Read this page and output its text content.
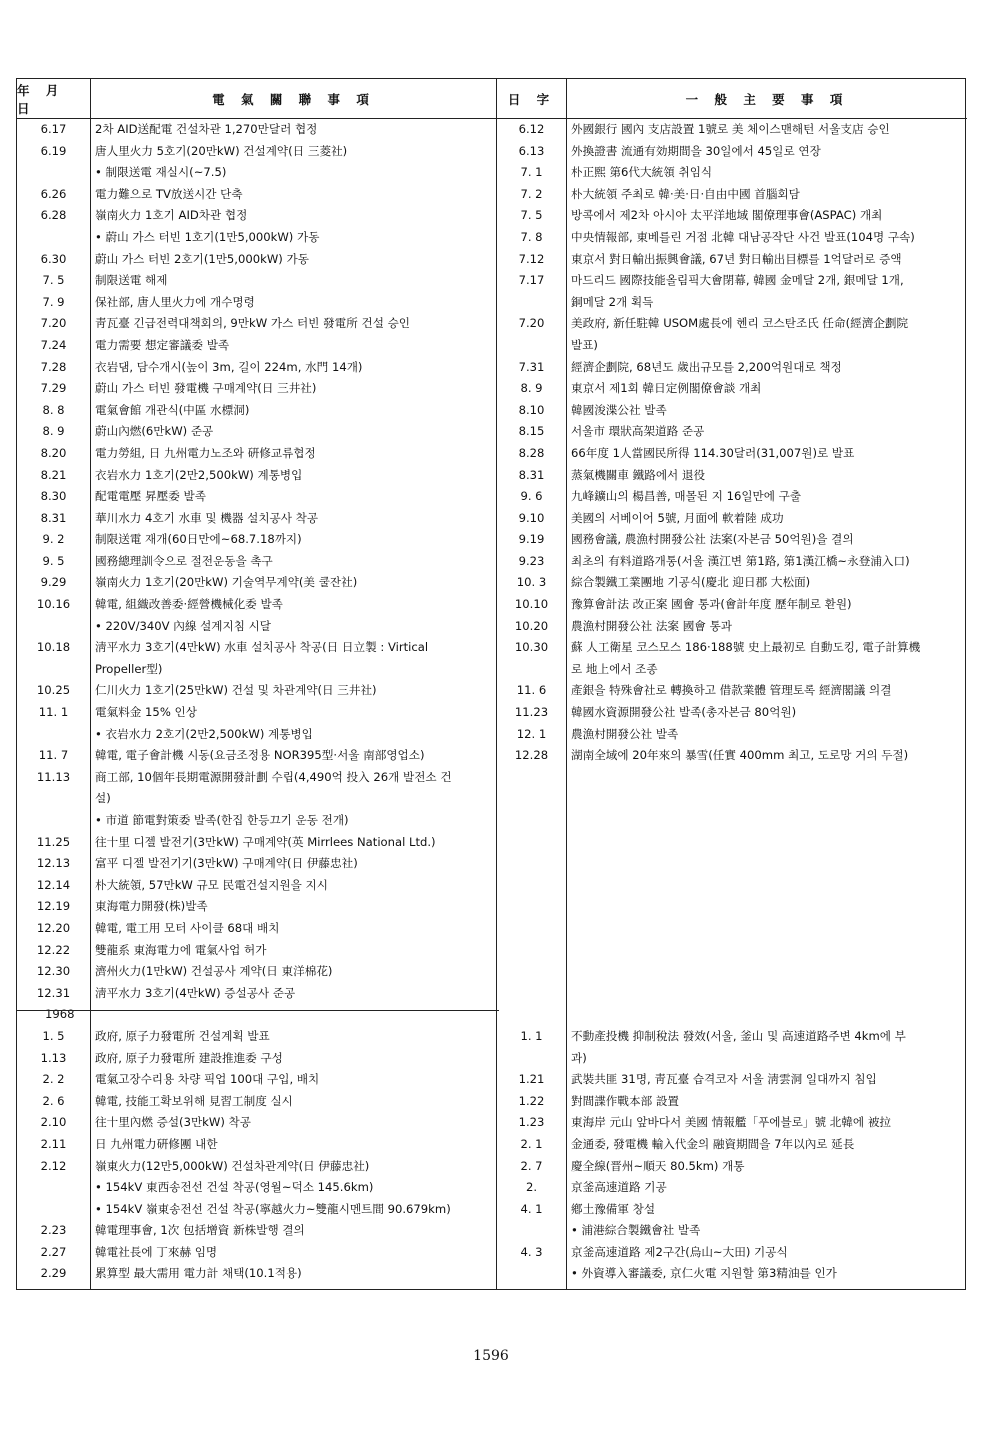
年 月 日
電 氣 關 聯 事 項	日 字	一 般 主 要 事 項
6.17
6.19
6.26
6.28
6.30
7. 5
7. 9
7.20
7.24
7.28
7.29
8. 8
8. 9
8.20
8.21
8.30
8.31
9. 2
9. 5
9.29
10.16
10.18
10.25
11. 1
11. 7
11.13
11.25
12.13
12.14
12.19
12.20
12.22
12.30
12.31
1968
1. 5
1.13
2. 2
2. 6
2.10
2.11
2.12
2.23
2.27
2.29
2차 AID送配電 건설차관 1,270만달러 협정
唐人里火力 5호기(20만kW) 건설계약(日 三菱社)
• 制限送電 재실시(~7.5)
電力難으로 TV放送시간 단축
嶺南火力 1호기 AID차관 협정
• 蔚山 가스 터빈 1호기(1만5,000kW) 가동
蔚山 가스 터빈 2호기(1만5,000kW) 가동
制限送電 해제
保社部, 唐人里火力에 개수명령
靑瓦臺 긴급전력대책회의, 9만kW 가스 터빈 發電所 건설 승인
電力需要 想定審議委 발족
衣岩댐, 담수개시(높이 3m, 길이 224m, 水門 14개)
蔚山 가스 터빈 發電機 구매계약(日 三井社)
電氣會館 개관식(中區 水標洞)
蔚山內燃(6만kW) 준공
電力勞組, 日 九州電力노조와 硏修교류협정
衣岩水力 1호기(2만2,500kW) 계통병입
配電電壓 昇壓委 발족
華川水力 4호기 水車 및 機器 설치공사 착공
制限送電 재개(60日만에~68.7.18까지)
國務總理訓令으로 절전운동을 촉구
嶺南火力 1호기(20만kW) 기술역무계약(美 쿨잔社)
韓電, 組織改善委·經營機械化委 발족
• 220V/340V 內線 설계지침 시달
淸平水力 3호기(4만kW) 水車 설치공사 착공(日 日立製 : Virtical
Propeller型)
仁川火力 1호기(25만kW) 건설 및 차관계약(日 三井社)
電氣料金 15% 인상
• 衣岩水力 2호기(2만2,500kW) 계통병입
韓電, 電子會計機 시동(요금조정용 NOR395型·서울 南部영업소)
商工部, 10個年長期電源開發計劃 수립(4,490억 投入 26개 발전소 건
설)
• 市道 節電對策委 발족(한집 한등끄기 운동 전개)
往十里 디젤 발전기(3만kW) 구매계약(英 Mirrlees National Ltd.)
富平 디젤 발전기기(3만kW) 구매계약(日 伊藤忠社)
朴大統領, 57만kW 규모 民電건설지원을 지시
東海電力開發(株)발족
韓電, 電工用 모터 사이클 68대 배치
雙龍系 東海電力에 電氣사업 허가
濟州火力(1만kW) 건설공사 계약(日 東洋棉花)
淸平水力 3호기(4만kW) 증설공사 준공
政府, 原子力發電所 건설계획 발표
政府, 原子力發電所 建設推進委 구성
電氣고장수리용 차량 픽업 100대 구입, 배치
韓電, 技能工확보위해 見習工制度 실시
往十里內燃 증설(3만kW) 착공
日 九州電力硏修團 내한
嶺東火力(12만5,000kW) 건설차관계약(日 伊藤忠社)
• 154kV 東西송전선 건설 착공(영월~덕소 145.6km)
• 154kV 嶺東송전선 건설 착공(寧越火力~雙龍시멘트間 90.679km)
韓電理事會, 1次 包括增資 新株발행 결의
韓電社長에 丁來赫 임명
累算型 最大需用 電力計 채택(10.1적용)
6.12
6.13
7. 1
7. 2
7. 5
7. 8
7.12
7.17
7.20
7.31
8. 9
8.10
8.15
8.28
8.31
9. 6
9.10
9.19
9.23
10. 3
10.10
10.20
10.30
11. 6
11.23
12. 1
12.28
1. 1
1.21
1.22
1.23
2. 1
2. 7
2.
4. 1
4. 3
外國銀行 國內 支店設置 1號로 美 체이스맨해턴 서울支店 승인
外換證書 流通有効期間을 30일에서 45일로 연장
朴正熙 第6代大統領 취임식
朴大統領 주최로 韓·美·日·自由中國 首腦회담
방콕에서 제2차 아시아 太平洋地域 閣僚理事會(ASPAC) 개최
中央情報部, 東베를린 거점 北韓 대남공작단 사건 발표(104명 구속)
東京서 對日輸出振興會議, 67년 對日輸出目標를 1억달러로 증액
마드리드 國際技能올림픽大會閉幕, 韓國 金메달 2개, 銀메달 1개,
銅메달 2개 획득
美政府, 新任駐韓 USOM處長에 헨리 코스탄조氏 任命(經濟企劃院
발표)
經濟企劃院, 68년도 歲出규모를 2,200억원대로 책정
東京서 제1회 韓日定例閣僚會談 개최
韓國浚渫公社 발족
서울市 環狀高架道路 준공
66年度 1人當國民所得 114.30달러(31,007원)로 발표
蒸氣機關車 鐵路에서 退役
九峰鑛山의 楊昌善, 매몰된 지 16일만에 구출
美國의 서베이어 5號, 月面에 軟着陸 成功
國務會議, 農漁村開發公社 法案(자본금 50억원)을 결의
최초의 有料道路개통(서울 漢江변 第1路, 第1漢江橋~永登浦入口)
綜合製鐵工業團地 기공식(慶北 迎日郡 大松面)
豫算會計法 改正案 國會 통과(會計年度 歷年制로 환원)
農漁村開發公社 法案 國會 통과
蘇 人工衛星 코스모스 186·188號 史上最初로 自動도킹, 電子計算機
로 地上에서 조종
產銀을 特殊會社로 轉換하고 借款業體 管理토록 經濟閣議 의결
韓國水資源開發公社 발족(총자본금 80억원)
農漁村開發公社 발족
湖南全域에 20年來의 暴雪(任實 400mm 최고, 도로망 거의 두절)
不動產投機 抑制稅法 發效(서울, 釜山 및 高速道路주변 4km에 부
과)
武裝共匪 31명, 靑瓦臺 습격코자 서울 淸雲洞 일대까지 침입
對間諜作戰本部 設置
東海岸 元山 앞바다서 美國 情報艦「푸에블로」號 北韓에 被拉
金通委, 發電機 輸入代金의 融資期間을 7年以內로 延長
慶全線(晋州~順天 80.5km) 개통
京釜高速道路 기공
鄕土豫備軍 창설
• 浦港綜合製鐵會社 발족
京釜高速道路 제2구간(烏山~大田) 기공식
• 外資導入審議委, 京仁火電 지원할 第3精油를 인가
1596
